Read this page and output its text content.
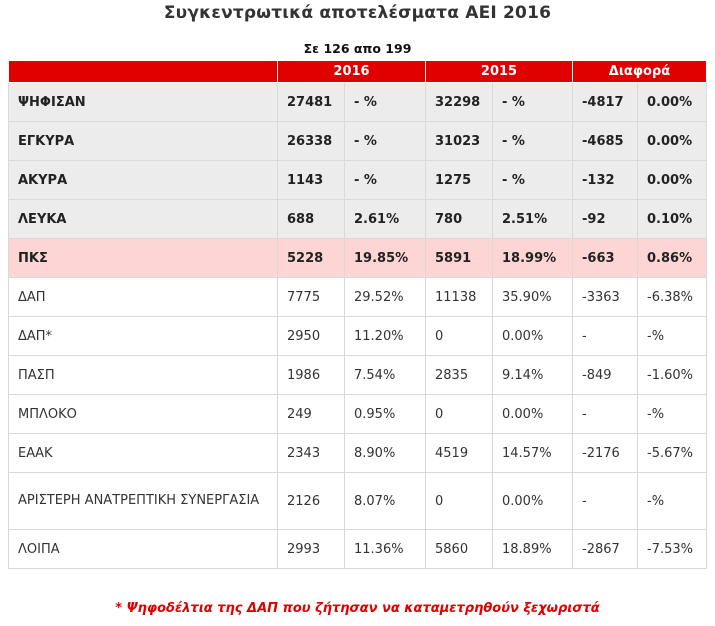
Συγκεντρωτικά αποτελέσματα ΑΕΙ 2016
Σε 126 απο 199
	2016		2015		Διαφορά	
ΨΗΦΙΣΑΝ	27481	- %	32298	- %	-4817	0.00%
ΕΓΚΥΡΑ	26338	- %	31023	- %	-4685	0.00%
ΑΚΥΡΑ	1143	- %	1275	- %	-132	0.00%
ΛΕΥΚΑ	688	2.61%	780	2.51%	-92	0.10%
ΠΚΣ	5228	19.85%	5891	18.99%	-663	0.86%
ΔΑΠ	7775	29.52%	11138	35.90%	-3363	-6.38%
ΔΑΠ*	2950	11.20%	0	0.00%	-	-%
ΠΑΣΠ	1986	7.54%	2835	9.14%	-849	-1.60%
ΜΠΛΟΚΟ	249	0.95%	0	0.00%	-	-%
ΕΑΑΚ	2343	8.90%	4519	14.57%	-2176	-5.67%
ΑΡΙΣΤΕΡΗ ΑΝΑΤΡΕΠΤΙΚΗ ΣΥΝΕΡΓΑΣΙΑ	2126	8.07%	0	0.00%	-	-%
ΛΟΙΠΑ	2993	11.36%	5860	18.89%	-2867	-7.53%
* Ψηφοδέλτια της ΔΑΠ που ζήτησαν να καταμετρηθούν ξεχωριστά
